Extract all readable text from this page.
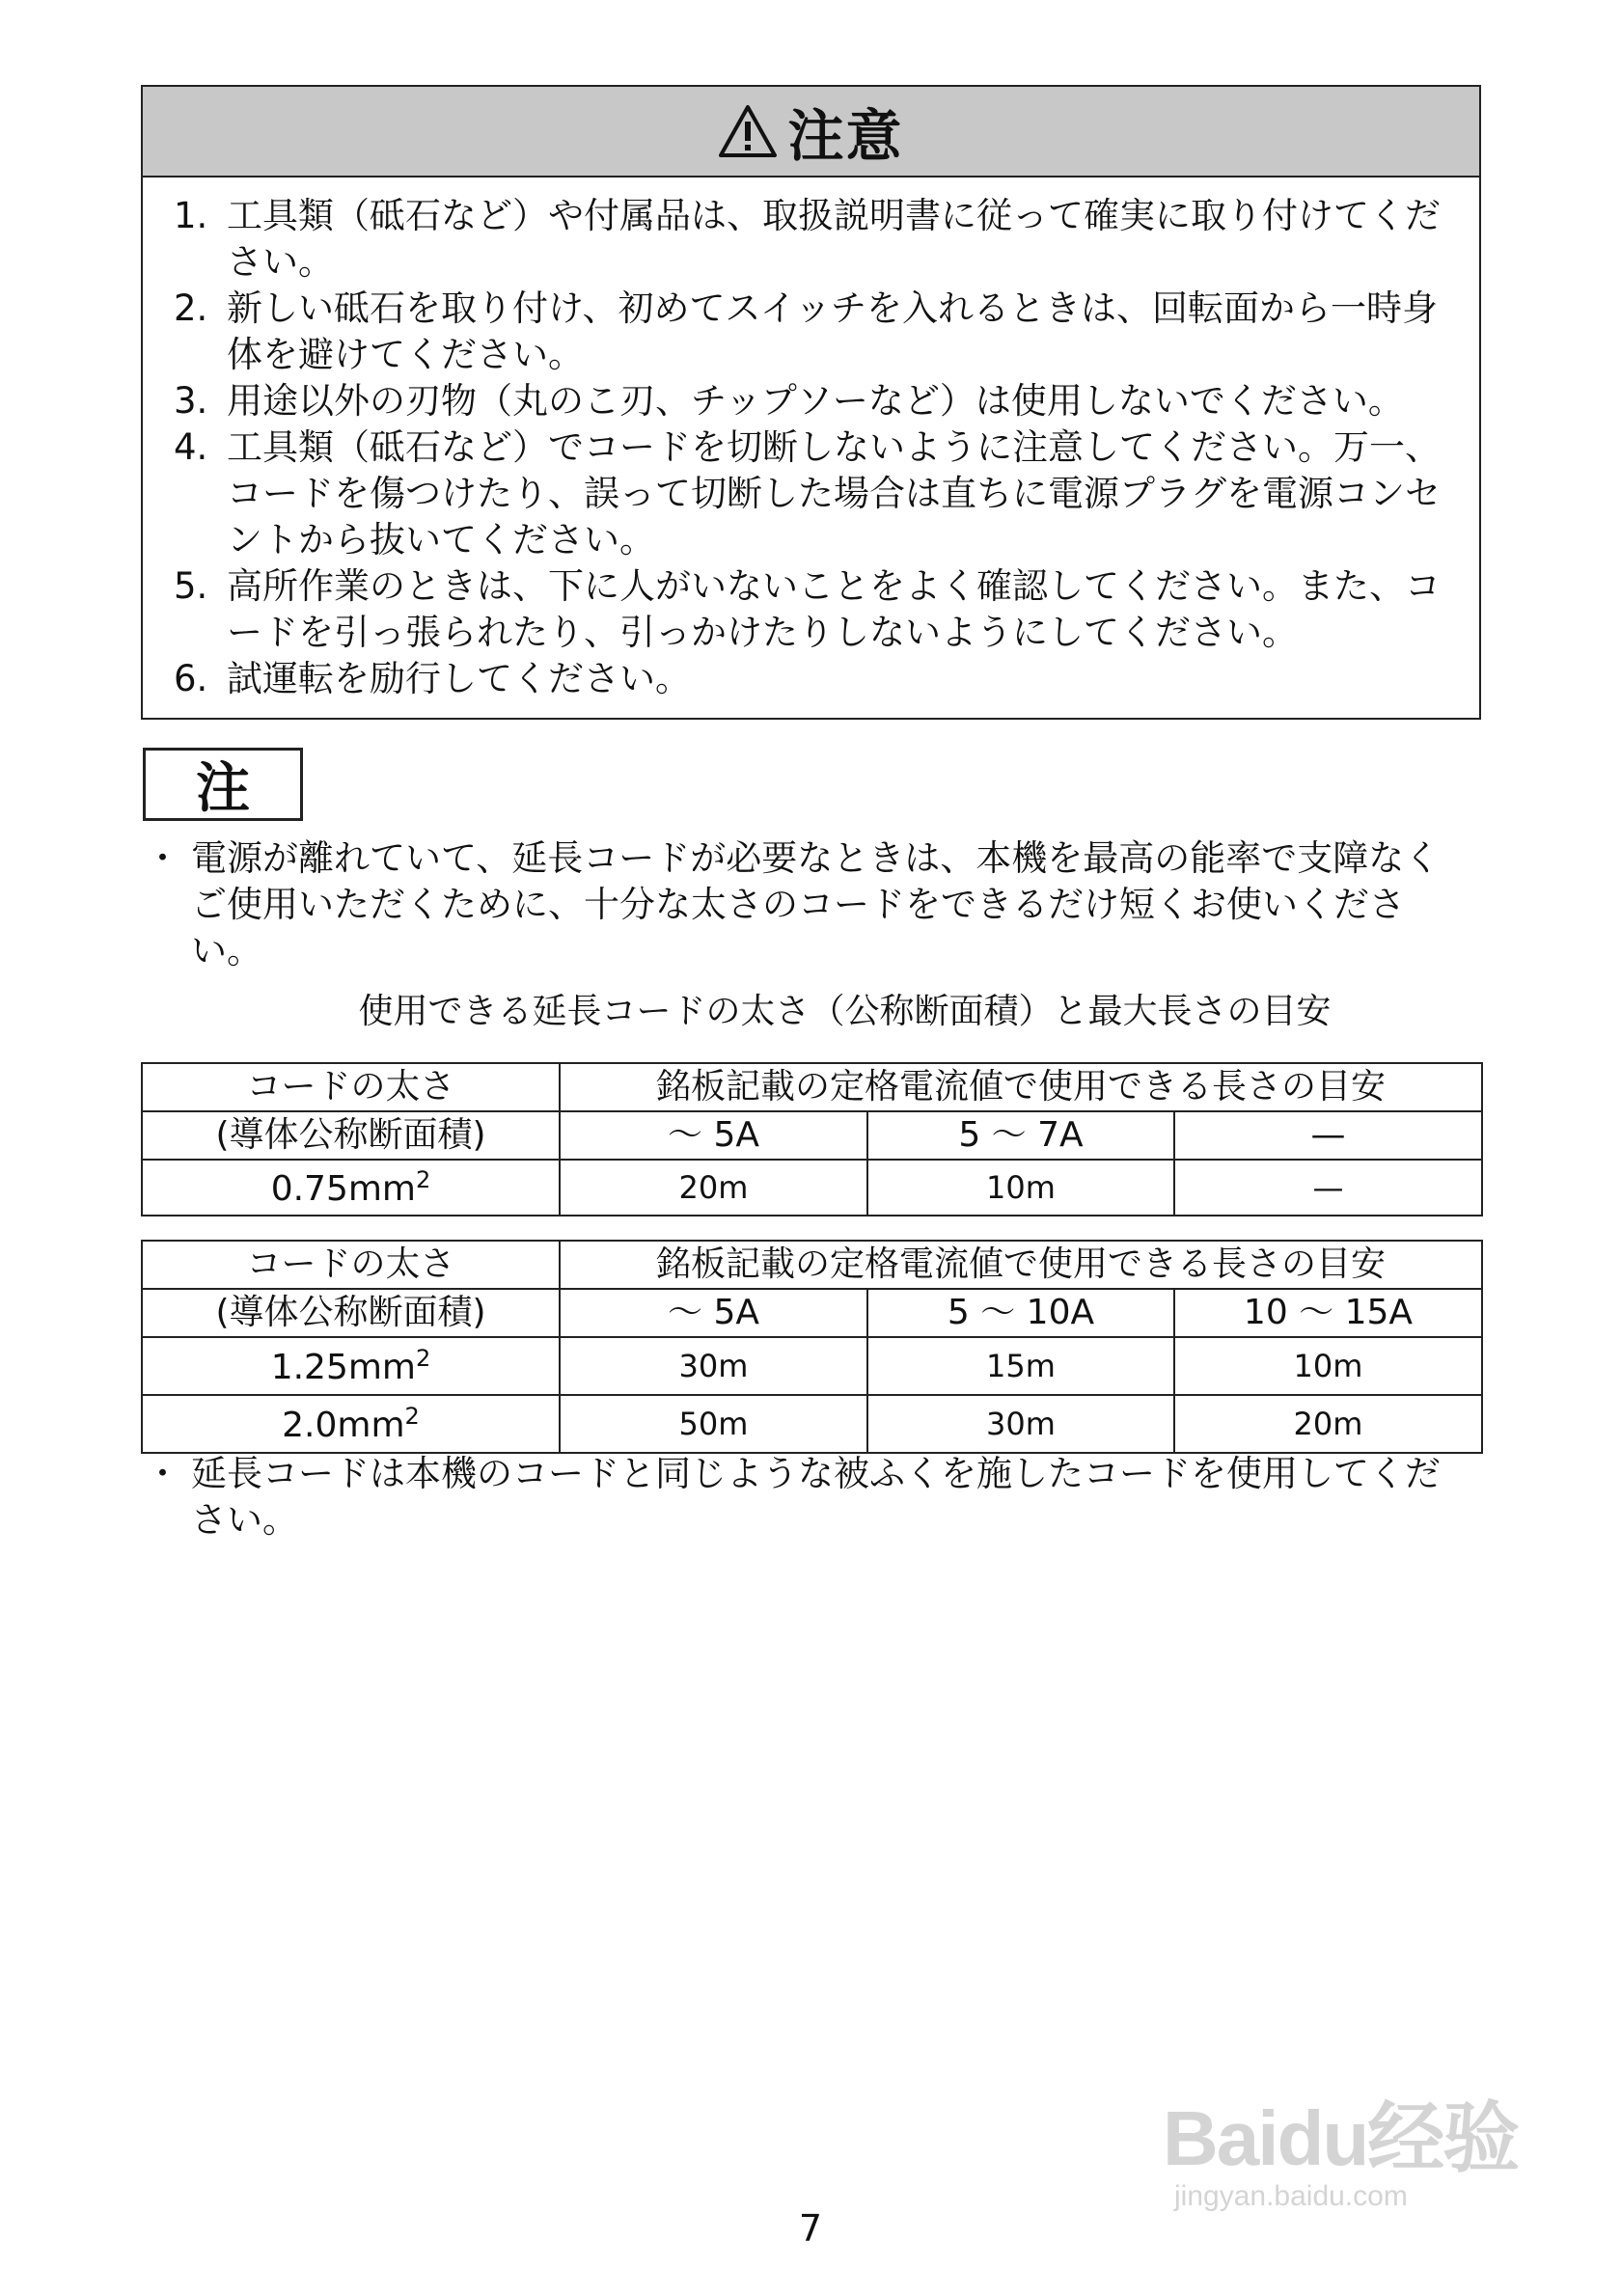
注意
1. 工具類（砥石など）や付属品は、取扱説明書に従って確実に取り付けてください。
2. 新しい砥石を取り付け、初めてスイッチを入れるときは、回転面から一時身体を避けてください。
3. 用途以外の刃物（丸のこ刃、チップソーなど）は使用しないでください。
4. 工具類（砥石など）でコードを切断しないように注意してください。万一、コードを傷つけたり、誤って切断した場合は直ちに電源プラグを電源コンセントから抜いてください。
5. 高所作業のときは、下に人がいないことをよく確認してください。また、コードを引っ張られたり、引っかけたりしないようにしてください。
6. 試運転を励行してください。
注
・ 電源が離れていて、延長コードが必要なときは、本機を最高の能率で支障なくご使用いただくために、十分な太さのコードをできるだけ短くお使いください。
使用できる延長コードの太さ（公称断面積）と最大長さの目安
コードの太さ	銘板記載の定格電流値で使用できる長さの目安		
(導体公称断面積)	〜 5A	5 〜 7A	—
$0.75mm^2$	20m	10m	—
コードの太さ	銘板記載の定格電流値で使用できる長さの目安		
(導体公称断面積)	〜 5A	5 〜 10A	10 〜 15A
$1.25mm^2$	30m	15m	10m
$2.0mm^2$	50m	30m	20m
・ 延長コードは本機のコードと同じような被ふくを施したコードを使用してください。
Baidu经验
jingyan.baidu.com
7
